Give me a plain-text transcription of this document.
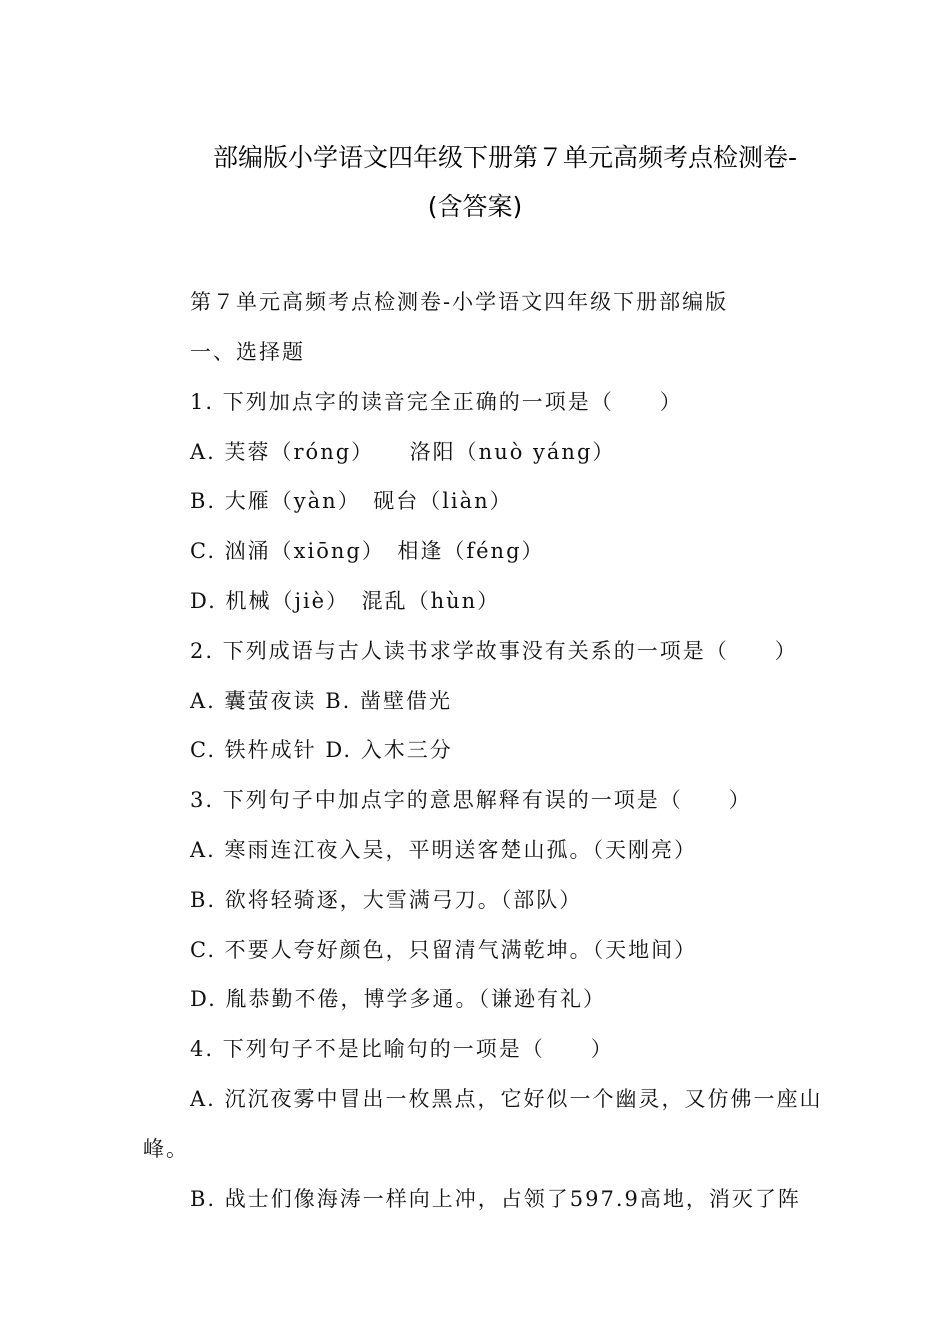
部编版小学语文四年级下册第７单元高频考点检测卷-
(含答案)
第７单元高频考点检测卷-小学语文四年级下册部编版
一、选择题
1. 下列加点字的读音完全正确的一项是（　　）
A. 芙蓉（róng）　　洛阳（nuò yáng）
B. 大雁（yàn）　砚台（liàn）
C. 汹涌（xiōng）　相逢（féng）
D. 机械（jiè）　混乱（hùn）
2. 下列成语与古人读书求学故事没有关系的一项是（　　）
A. 囊萤夜读 B. 凿壁借光
C. 铁杵成针 D. 入木三分
3. 下列句子中加点字的意思解释有误的一项是（　　）
A. 寒雨连江夜入吴，平明送客楚山孤。（天刚亮）
B. 欲将轻骑逐，大雪满弓刀。（部队）
C. 不要人夸好颜色，只留清气满乾坤。（天地间）
D. 胤恭勤不倦，博学多通。（谦逊有礼）
4. 下列句子不是比喻句的一项是（　　）
A. 沉沉夜雾中冒出一枚黑点，它好似一个幽灵，又仿佛一座山
峰。
B. 战士们像海涛一样向上冲，占领了597.9高地，消灭了阵
